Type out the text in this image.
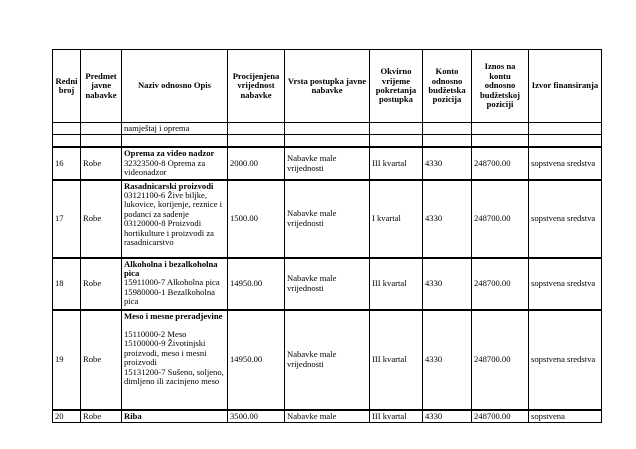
Redni broj	Predmet javne nabavke	Naziv odnosno Opis	Procijenjena vrijednost nabavke	Vrsta postupka javne nabavke	Okvirno vrijeme pokretanja postupka	Konto odnosno budžetska pozicija	Iznos na kontu odnosno budžetskoj poziciji	Izvor finansiranja
		namještaj i oprema						

16	Robe	Oprema za video nadzor
32323500-8 Oprema za videonadzor	2000.00	Nabavke male vrijednosti	III kvartal	4330	248700.00	sopstvena sredstva
17	Robe	Rasadnicarski proizvodi
03121100-6 Žive biljke, lukovice, korijenje, reznice i podanci za sadenje
03120000-8 Proizvodi hortikulture i proizvodi za rasadnicarstvo	1500.00	Nabavke male vrijednosti	I kvartal	4330	248700.00	sopstvena sredstva
18	Robe	Alkoholna i bezalkoholna pica
15911000-7 Alkoholna pica
15980000-1 Bezalkoholna pica	14950.00	Nabavke male vrijednosti	III kvartal	4330	248700.00	sopstvena sredstva
19	Robe	Meso i mesne preradjevine
15110000-2 Meso
15100000-9 Životinjski proizvodi, meso i mesni proizvodi
15131200-7 Sušeno, soljeno, dimljeno ili zacinjeno meso	14950.00	Nabavke male vrijednosti	III kvartal	4330	248700.00	sopstvena sredstva
20	Robe	Riba	3500.00	Nabavke male	III kvartal	4330	248700.00	sopstvena
